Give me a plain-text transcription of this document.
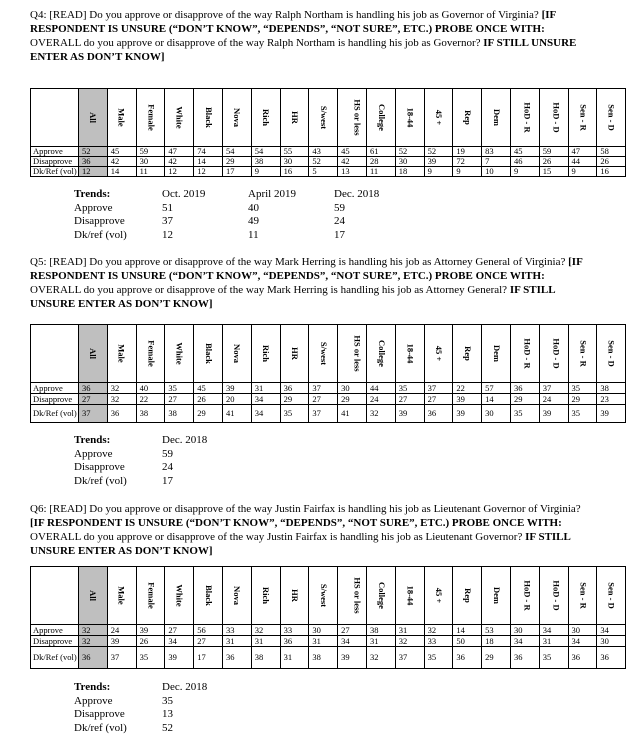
Q4: [READ] Do you approve or disapprove of the way Ralph Northam is handling his job as Governor of Virginia? [IF RESPONDENT IS UNSURE (“DON’T KNOW”, “DEPENDS”, “NOT SURE”, ETC.) PROBE ONCE WITH: OVERALL do you approve or disapprove of the way Ralph Northam is handling his job as Governor? IF STILL UNSURE ENTER AS DON’T KNOW]
	All	Male	Female	White	Black	Nova	Rich	HR	S/west	HS or less	College	18-44	45 +	Rep	Dem	HoD - R	HoD - D	Sen - R	Sen - D
Approve	52	45	59	47	74	54	54	55	43	45	61	52	52	19	83	45	59	47	58
Disapprove	36	42	30	42	14	29	38	30	52	42	28	30	39	72	7	46	26	44	26
Dk/Ref (vol)	12	14	11	12	12	17	9	16	5	13	11	18	9	9	10	9	15	9	16
Trends:	Oct. 2019	April 2019	Dec. 2018
Approve	51	40	59
Disapprove	37	49	24
Dk/ref (vol)	12	11	17
Q5: [READ] Do you approve or disapprove of the way Mark Herring is handling his job as Attorney General of Virginia? [IF RESPONDENT IS UNSURE (“DON’T KNOW”, “DEPENDS”, “NOT SURE”, ETC.) PROBE ONCE WITH: OVERALL do you approve or disapprove of the way Mark Herring is handling his job as Attorney General? IF STILL UNSURE ENTER AS DON’T KNOW]
	All	Male	Female	White	Black	Nova	Rich	HR	S/west	HS or less	College	18-44	45 +	Rep	Dem	HoD - R	HoD - D	Sen - R	Sen - D
Approve	36	32	40	35	45	39	31	36	37	30	44	35	37	22	57	36	37	35	38
Disapprove	27	32	22	27	26	20	34	29	27	29	24	27	27	39	14	29	24	29	23
Dk/Ref (vol)	37	36	38	38	29	41	34	35	37	41	32	39	36	39	30	35	39	35	39
Trends:	Dec. 2018
Approve	59
Disapprove	24
Dk/ref (vol)	17
Q6: [READ] Do you approve or disapprove of the way Justin Fairfax is handling his job as Lieutenant Governor of Virginia? [IF RESPONDENT IS UNSURE (“DON’T KNOW”, “DEPENDS”, “NOT SURE”, ETC.) PROBE ONCE WITH: OVERALL do you approve or disapprove of the way Justin Fairfax is handling his job as Lieutenant Governor? IF STILL UNSURE ENTER AS DON’T KNOW]
	All	Male	Female	White	Black	Nova	Rich	HR	S/west	HS or less	College	18-44	45 +	Rep	Dem	HoD - R	HoD - D	Sen - R	Sen - D
Approve	32	24	39	27	56	33	32	33	30	27	38	31	32	14	53	30	34	30	34
Disapprove	32	39	26	34	27	31	31	36	31	34	31	32	33	50	18	34	31	34	30
Dk/Ref (vol)	36	37	35	39	17	36	38	31	38	39	32	37	35	36	29	36	35	36	36
Trends:	Dec. 2018
Approve	35
Disapprove	13
Dk/ref (vol)	52
